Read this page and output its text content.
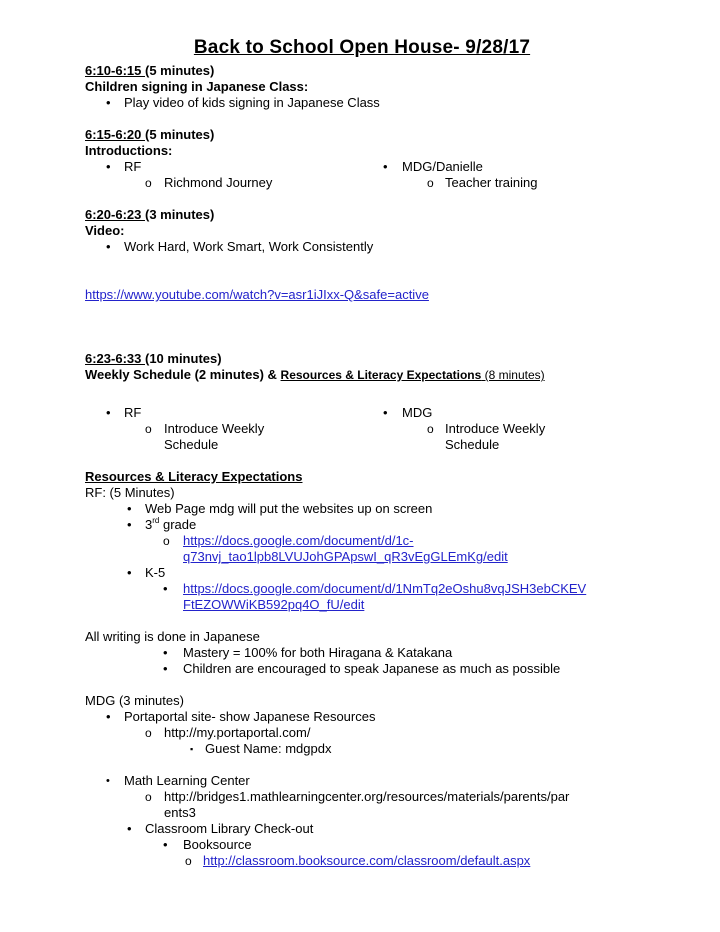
Back to School Open House- 9/28/17
6:10-6:15 (5 minutes)
Children signing in Japanese Class:
•	Play video of kids signing in Japanese Class
6:15-6:20 (5 minutes)
Introductions:
•	RF
o Richmond Journey
•	MDG/Danielle
o Teacher training
6:20-6:23 (3 minutes)
Video:
•	Work Hard, Work Smart, Work Consistently

https://www.youtube.com/watch?v=asr1iJIxx-Q&safe=active

6:23-6:33 (10 minutes)
Weekly Schedule (2 minutes) & Resources & Literacy Expectations (8 minutes)
•	RF
o Introduce Weekly
Schedule
•	MDG
o Introduce Weekly
Schedule
Resources & Literacy Expectations
RF: (5 Minutes)
•	Web Page mdg will put the websites up on screen
•	3rd grade
o	https://docs.google.com/document/d/1c-
q73nvj_tao1lpb8LVUJohGPApswI_qR3vEgGLEmKg/edit
•	K-5
•	https://docs.google.com/document/d/1NmTq2eOshu8vqJSH3ebCKEV
FtEZOWWiKB592pq4O_fU/edit
All writing is done in Japanese
•	Mastery = 100% for both Hiragana & Katakana
•	Children are encouraged to speak Japanese as much as possible
MDG (3 minutes)
•	Portaportal site- show Japanese Resources
o http://my.portaportal.com/
▪ Guest Name: mdgpdx
•	Math Learning Center
o http://bridges1.mathlearningcenter.org/resources/materials/parents/par
ents3
•	Classroom Library Check-out
•	Booksource
o http://classroom.booksource.com/classroom/default.aspx
